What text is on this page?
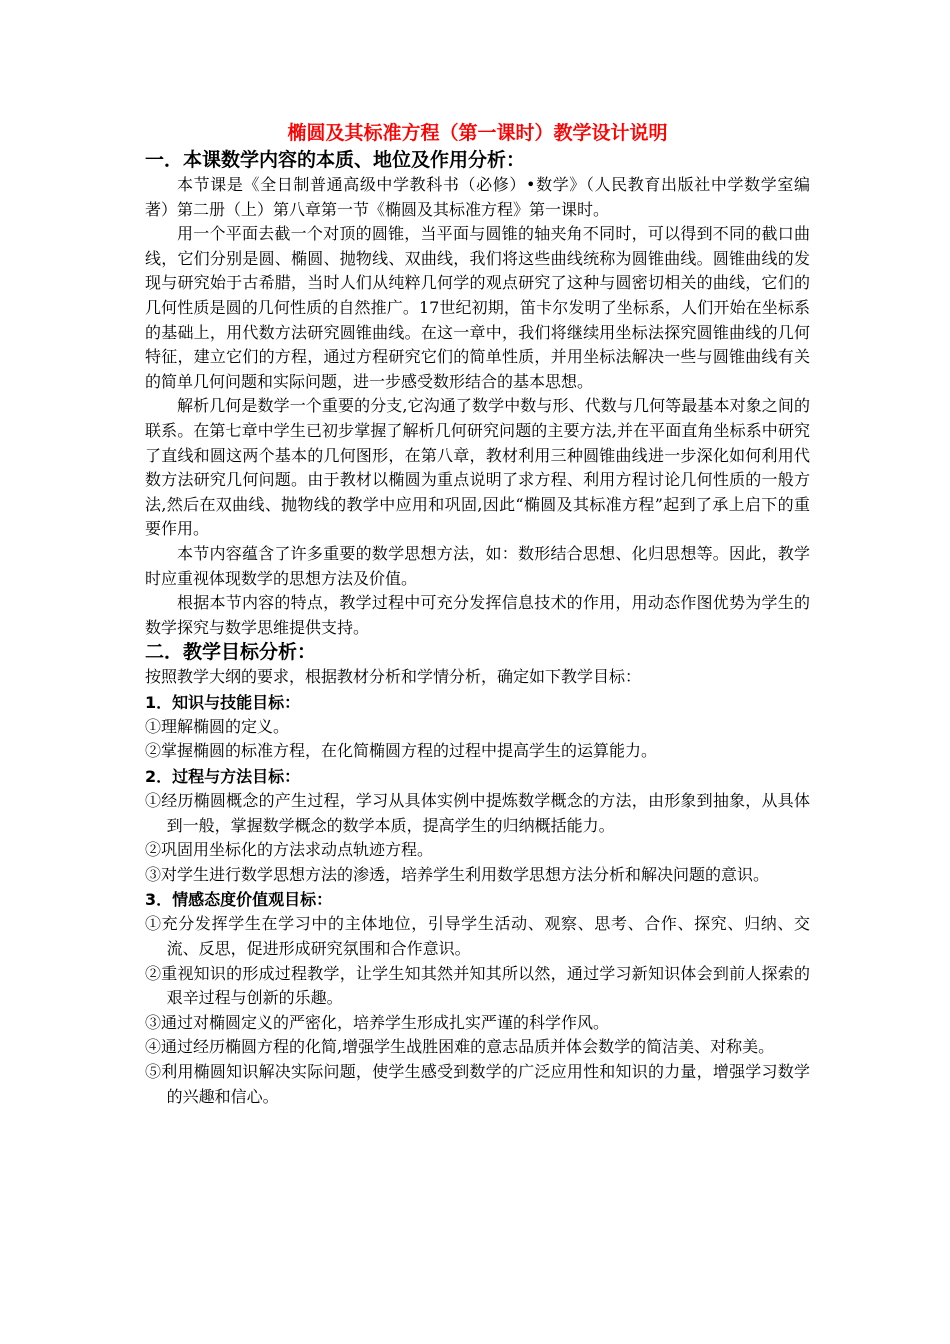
椭圆及其标准方程（第一课时）教学设计说明
一．本课数学内容的本质、地位及作用分析：

本节课是《全日制普通高级中学教科书（必修）•数学》（人民教育出版社中学数学室编著）第二册（上）第八章第一节《椭圆及其标准方程》第一课时。

用一个平面去截一个对顶的圆锥，当平面与圆锥的轴夹角不同时，可以得到不同的截口曲线，它们分别是圆、椭圆、抛物线、双曲线，我们将这些曲线统称为圆锥曲线。圆锥曲线的发现与研究始于古希腊，当时人们从纯粹几何学的观点研究了这种与圆密切相关的曲线，它们的几何性质是圆的几何性质的自然推广。17世纪初期，笛卡尔发明了坐标系，人们开始在坐标系的基础上，用代数方法研究圆锥曲线。在这一章中，我们将继续用坐标法探究圆锥曲线的几何特征，建立它们的方程，通过方程研究它们的简单性质，并用坐标法解决一些与圆锥曲线有关的简单几何问题和实际问题，进一步感受数形结合的基本思想。

解析几何是数学一个重要的分支,它沟通了数学中数与形、代数与几何等最基本对象之间的联系。在第七章中学生已初步掌握了解析几何研究问题的主要方法,并在平面直角坐标系中研究了直线和圆这两个基本的几何图形，在第八章，教材利用三种圆锥曲线进一步深化如何利用代数方法研究几何问题。由于教材以椭圆为重点说明了求方程、利用方程讨论几何性质的一般方法,然后在双曲线、抛物线的教学中应用和巩固,因此“椭圆及其标准方程”起到了承上启下的重要作用。

本节内容蕴含了许多重要的数学思想方法，如：数形结合思想、化归思想等。因此，教学时应重视体现数学的思想方法及价值。

根据本节内容的特点，教学过程中可充分发挥信息技术的作用，用动态作图优势为学生的数学探究与数学思维提供支持。

二．教学目标分析：

按照教学大纲的要求，根据教材分析和学情分析，确定如下教学目标：

1．知识与技能目标：

①理解椭圆的定义。

②掌握椭圆的标准方程，在化简椭圆方程的过程中提高学生的运算能力。

2．过程与方法目标：

①经历椭圆概念的产生过程，学习从具体实例中提炼数学概念的方法，由形象到抽象，从具体到一般，掌握数学概念的数学本质，提高学生的归纳概括能力。

②巩固用坐标化的方法求动点轨迹方程。

③对学生进行数学思想方法的渗透，培养学生利用数学思想方法分析和解决问题的意识。

3．情感态度价值观目标：

①充分发挥学生在学习中的主体地位，引导学生活动、观察、思考、合作、探究、归纳、交流、反思，促进形成研究氛围和合作意识。

②重视知识的形成过程教学，让学生知其然并知其所以然，通过学习新知识体会到前人探索的艰辛过程与创新的乐趣。

③通过对椭圆定义的严密化，培养学生形成扎实严谨的科学作风。

④通过经历椭圆方程的化简,增强学生战胜困难的意志品质并体会数学的简洁美、对称美。

⑤利用椭圆知识解决实际问题，使学生感受到数学的广泛应用性和知识的力量，增强学习数学的兴趣和信心。
